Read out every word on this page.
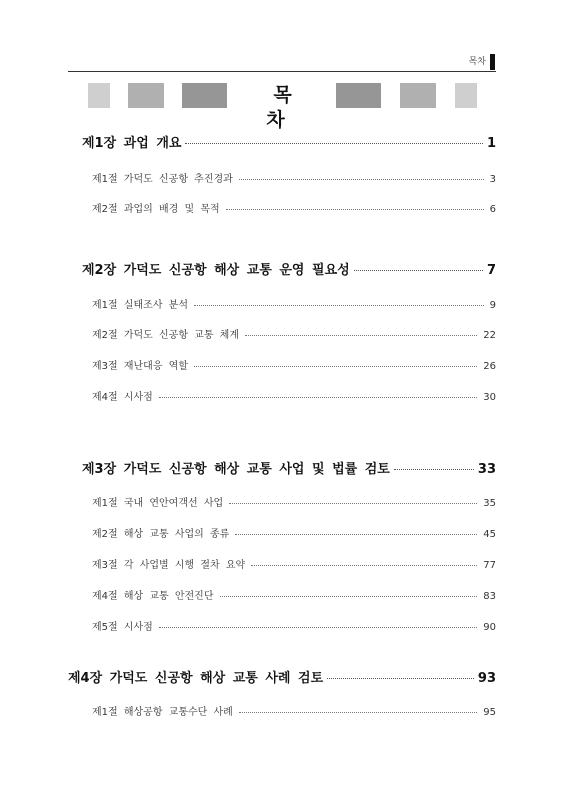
목차
목 차
제1장 과업 개요	1
제1절 가덕도 신공항 추진경과	3
제2절 과업의 배경 및 목적	6
제2장 가덕도 신공항 해상 교통 운영 필요성	7
제1절 실태조사 분석	9
제2절 가덕도 신공항 교통 체계	22
제3절 재난대응 역할	26
제4절 시사점	30
제3장 가덕도 신공항 해상 교통 사업 및 법률 검토	33
제1절 국내 연안여객선 사업	35
제2절 해상 교통 사업의 종류	45
제3절 각 사업별 시행 절차 요약	77
제4절 해상 교통 안전진단	83
제5절 시사점	90
제4장 가덕도 신공항 해상 교통 사례 검토	93
제1절 해상공항 교통수단 사례	95
